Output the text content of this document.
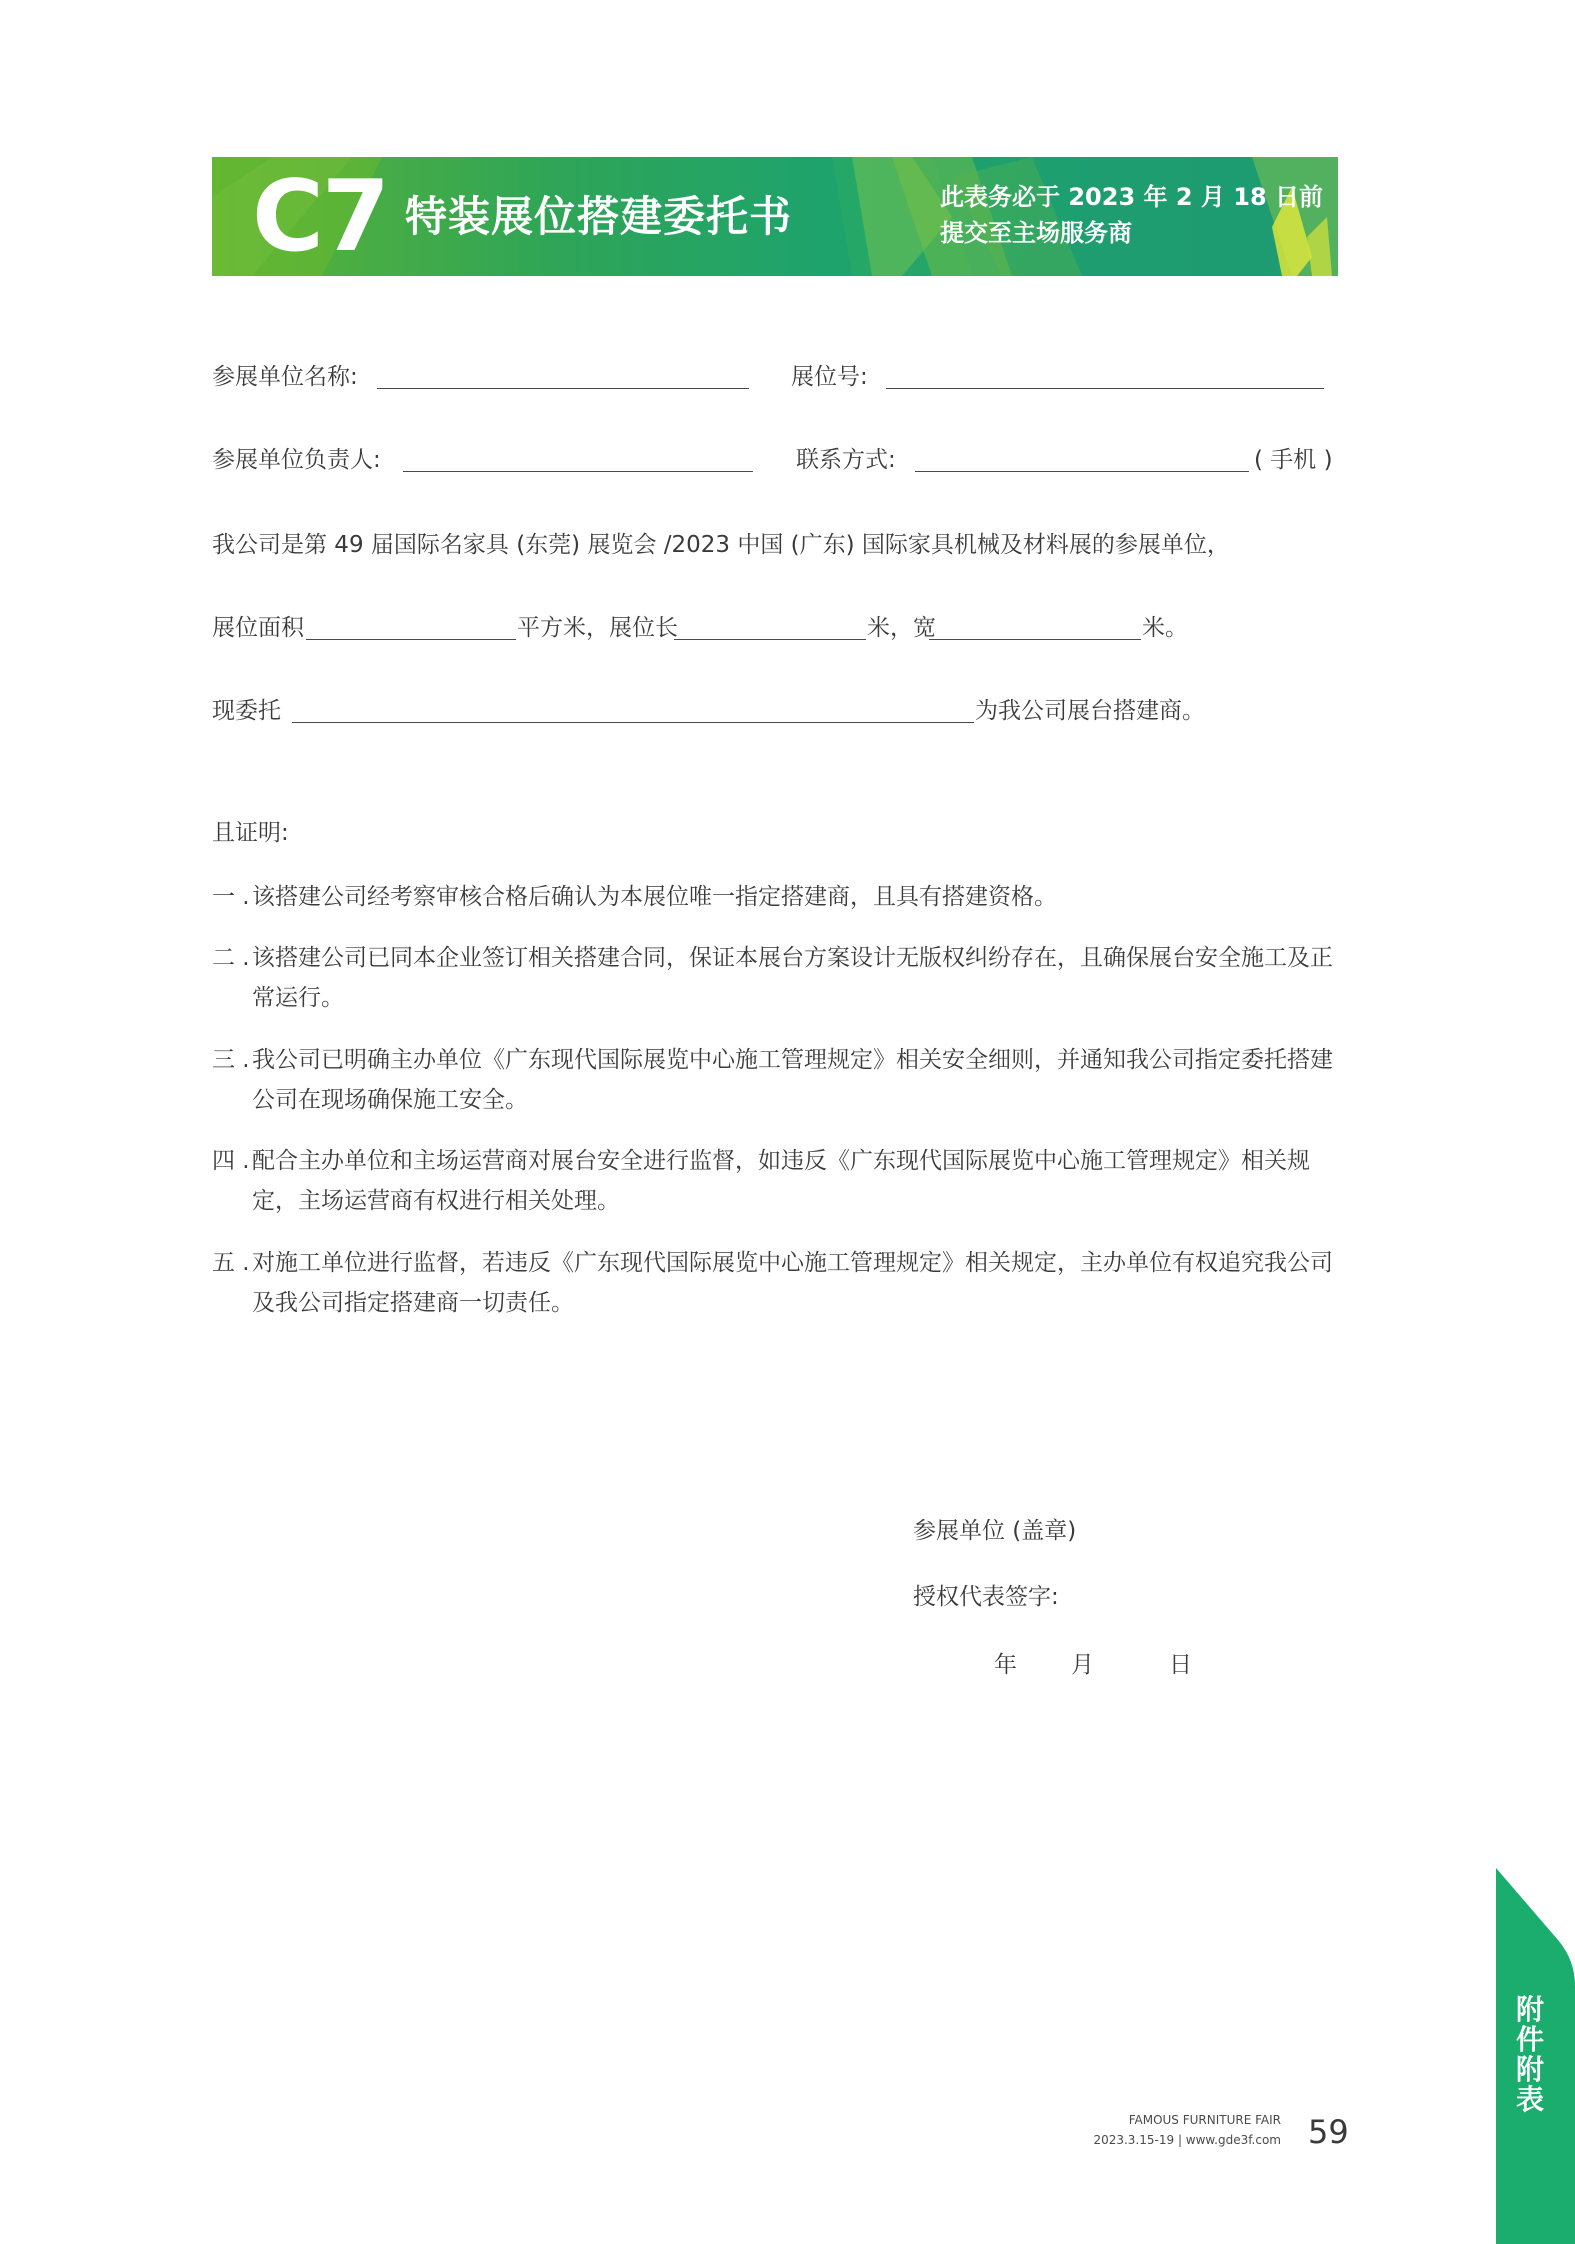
C7 特装展位搭建委托书	此表务必于 2023 年 2 月 18 日前
提交至主场服务商
参展单位名称:	展位号:
参展单位负责人:	联系方式:	( 手机 )
我公司是第 49 届国际名家具 (东莞) 展览会 /2023 中国 (广东) 国际家具机械及材料展的参展单位，
展位面积	平方米，展位长	米，宽	米。
现委托	为我公司展台搭建商。
且证明:
一 . 该搭建公司经考察审核合格后确认为本展位唯一指定搭建商，且具有搭建资格。
二 . 该搭建公司已同本企业签订相关搭建合同，保证本展台方案设计无版权纠纷存在，且确保展台安全施工及正常运行。
三 . 我公司已明确主办单位《广东现代国际展览中心施工管理规定》相关安全细则，并通知我公司指定委托搭建公司在现场确保施工安全。
四 . 配合主办单位和主场运营商对展台安全进行监督，如违反《广东现代国际展览中心施工管理规定》相关规定，主场运营商有权进行相关处理。
五 . 对施工单位进行监督，若违反《广东现代国际展览中心施工管理规定》相关规定，主办单位有权追究我公司及我公司指定搭建商一切责任。
参展单位 (盖章)
授权代表签字:
年 月	日
FAMOUS FURNITURE FAIR
2023.3.15-19 | www.gde3f.com 59
附件附表
